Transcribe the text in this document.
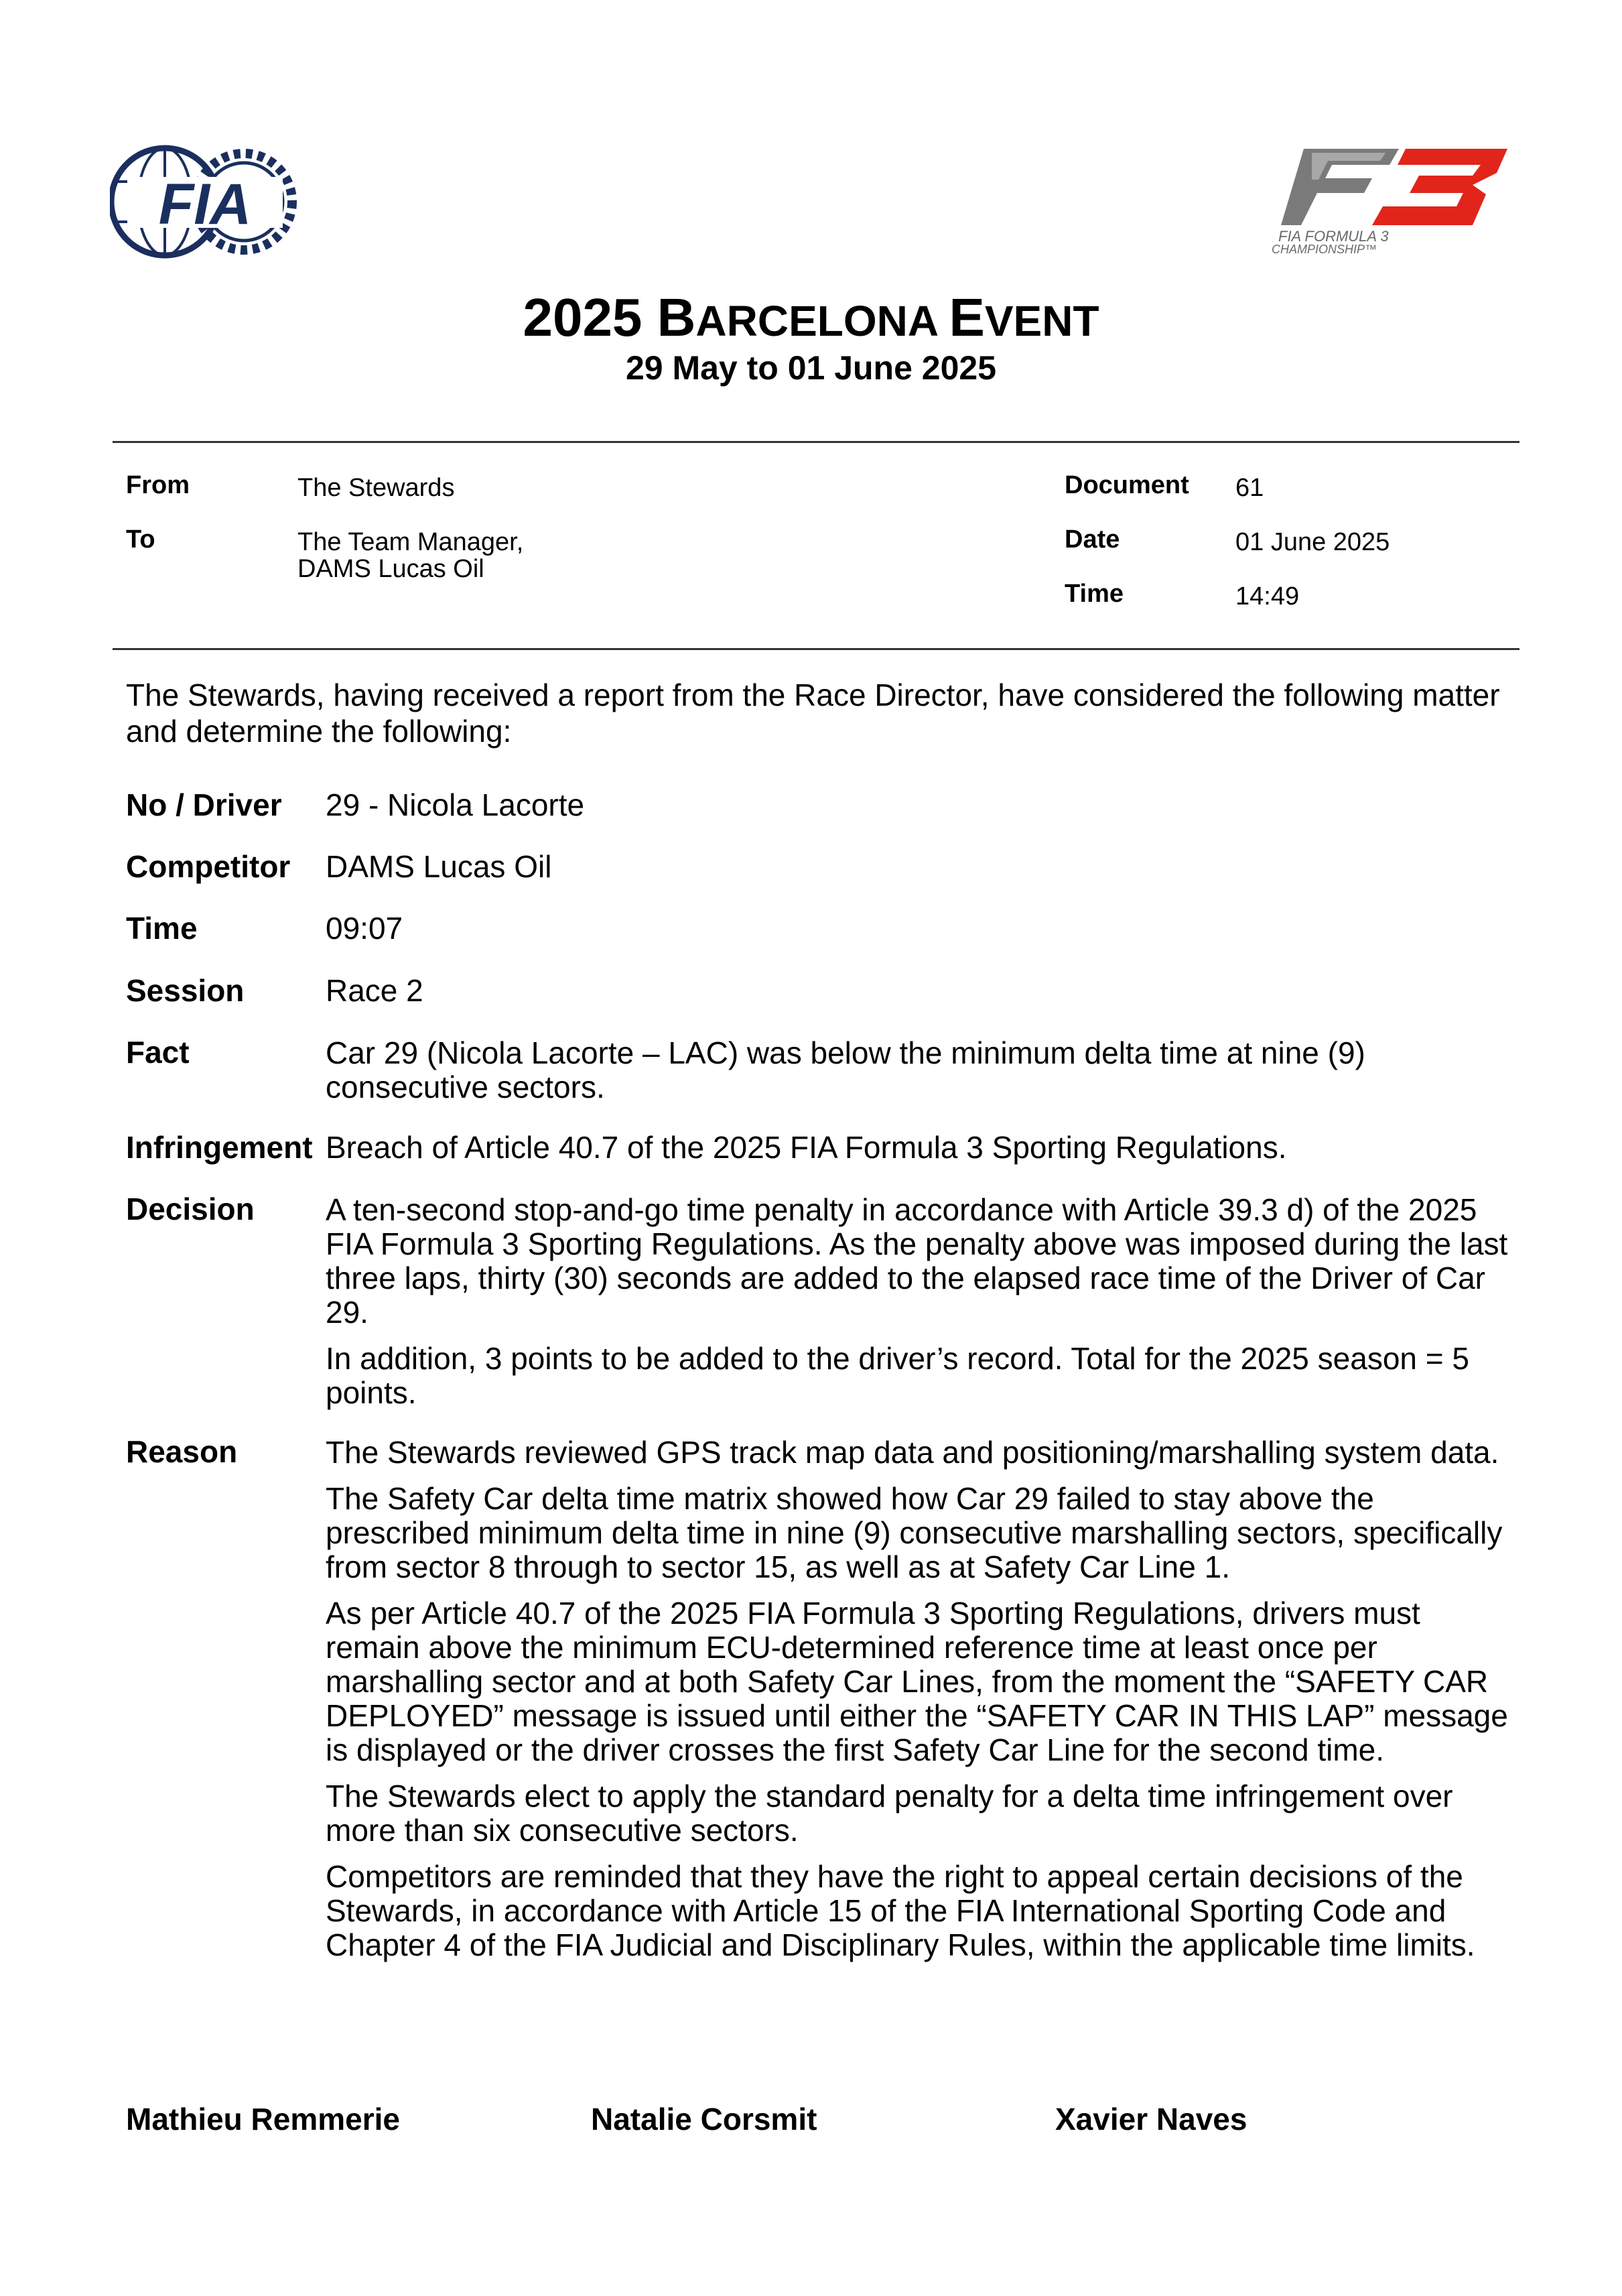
FIA	FIA FORMULA 3
CHAMPIONSHIP™
2025 BARCELONA EVENT
29 May to 01 June 2025
From	The Stewards
To	The Team Manager,
DAMS Lucas Oil
Document 61
Date	01 June 2025
Time	14:49
The Stewards, having received a report from the Race Director, have considered the following matter and determine the following:
No / Driver 29 - Nicola Lacorte
Competitor DAMS Lucas Oil
Time	09:07
Session	Race 2
Fact	Car 29 (Nicola Lacorte – LAC) was below the minimum delta time at nine (9) consecutive sectors.
Infringement Breach of Article 40.7 of the 2025 FIA Formula 3 Sporting Regulations.
Decision A ten-second stop-and-go time penalty in accordance with Article 39.3 d) of the 2025 FIA Formula 3 Sporting Regulations. As the penalty above was imposed during the last three laps, thirty (30) seconds are added to the elapsed race time of the Driver of Car 29.

In addition, 3 points to be added to the driver’s record. Total for the 2025 season = 5 points.

Reason	The Stewards reviewed GPS track map data and positioning/marshalling system data.

The Safety Car delta time matrix showed how Car 29 failed to stay above the prescribed minimum delta time in nine (9) consecutive marshalling sectors, specifically from sector 8 through to sector 15, as well as at Safety Car Line 1.

As per Article 40.7 of the 2025 FIA Formula 3 Sporting Regulations, drivers must remain above the minimum ECU-determined reference time at least once per marshalling sector and at both Safety Car Lines, from the moment the “SAFETY CAR DEPLOYED” message is issued until either the “SAFETY CAR IN THIS LAP” message is displayed or the driver crosses the first Safety Car Line for the second time.

The Stewards elect to apply the standard penalty for a delta time infringement over more than six consecutive sectors.

Competitors are reminded that they have the right to appeal certain decisions of the Stewards, in accordance with Article 15 of the FIA International Sporting Code and Chapter 4 of the FIA Judicial and Disciplinary Rules, within the applicable time limits.

Mathieu Remmerie	Natalie Corsmit	Xavier Naves
